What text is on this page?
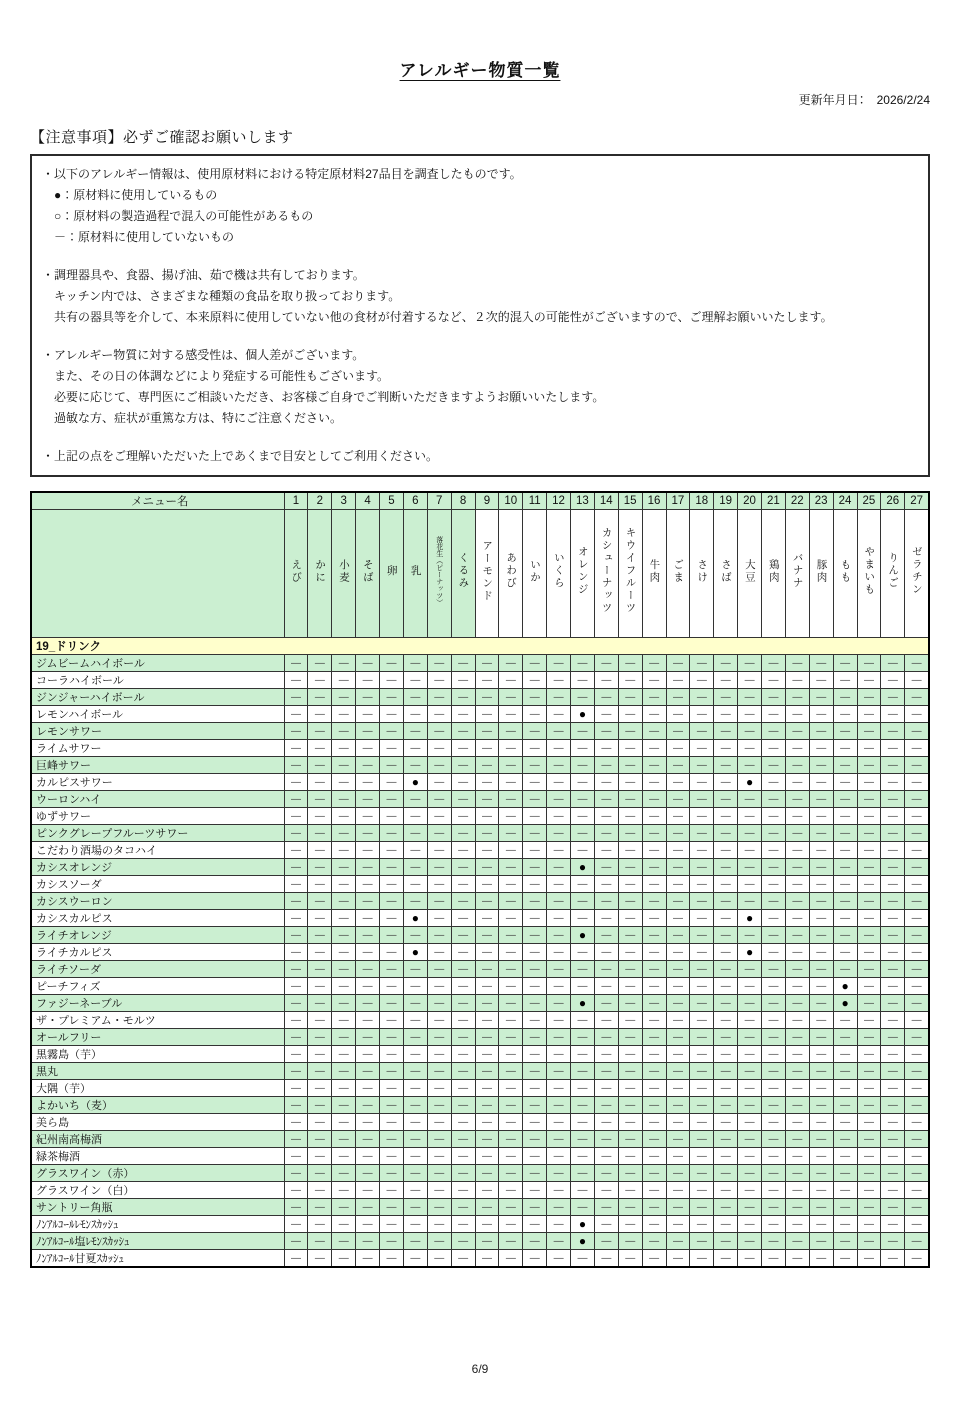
アレルギー物質一覧
更新年月日：　2026/2/24
【注意事項】必ずご確認お願いします
・以下のアレルギー情報は、使用原材料における特定原材料27品目を調査したものです。
　●：原材料に使用しているもの
　○：原材料の製造過程で混入の可能性があるもの
　－：原材料に使用していないもの
・調理器具や、食器、揚げ油、茹で機は共有しております。
　キッチン内では、さまざまな種類の食品を取り扱っております。
　共有の器具等を介して、本来原料に使用していない他の食材が付着するなど、２次的混入の可能性がございますので、ご理解お願いいたします。
・アレルギー物質に対する感受性は、個人差がございます。
　また、その日の体調などにより発症する可能性もございます。
　必要に応じて、専門医にご相談いただき、お客様ご自身でご判断いただきますようお願いいたします。
　過敏な方、症状が重篤な方は、特にご注意ください。
・上記の点をご理解いただいた上であくまで目安としてご利用ください。
メニュー名	1	2	3	4	5	6	7	8	9	10	11	12	13	14	15	16	17	18	19	20	21	22	23	24	25	26	27
	えび	かに	小麦	そば	卵	乳	落花生（ピーナッツ）	くるみ	アーモンド	あわび	いか	いくら	オレンジ	カシューナッツ	キウイフルーツ	牛肉	ごま	さけ	さば	大豆	鶏肉	バナナ	豚肉	もも	やまいも	りんご	ゼラチン
19_ドリンク																											
ジムビームハイボール	—	—	—	—	—	—	—	—	—	—	—	—	—	—	—	—	—	—	—	—	—	—	—	—	—	—	—
コーラハイボール	—	—	—	—	—	—	—	—	—	—	—	—	—	—	—	—	—	—	—	—	—	—	—	—	—	—	—
ジンジャーハイボール	—	—	—	—	—	—	—	—	—	—	—	—	—	—	—	—	—	—	—	—	—	—	—	—	—	—	—
レモンハイボール	—	—	—	—	—	—	—	—	—	—	—	—	●	—	—	—	—	—	—	—	—	—	—	—	—	—	—
レモンサワー	—	—	—	—	—	—	—	—	—	—	—	—	—	—	—	—	—	—	—	—	—	—	—	—	—	—	—
ライムサワー	—	—	—	—	—	—	—	—	—	—	—	—	—	—	—	—	—	—	—	—	—	—	—	—	—	—	—
巨峰サワー	—	—	—	—	—	—	—	—	—	—	—	—	—	—	—	—	—	—	—	—	—	—	—	—	—	—	—
カルピスサワー	—	—	—	—	—	●	—	—	—	—	—	—	—	—	—	—	—	—	—	●	—	—	—	—	—	—	—
ウーロンハイ	—	—	—	—	—	—	—	—	—	—	—	—	—	—	—	—	—	—	—	—	—	—	—	—	—	—	—
ゆずサワー	—	—	—	—	—	—	—	—	—	—	—	—	—	—	—	—	—	—	—	—	—	—	—	—	—	—	—
ピンクグレープフルーツサワー	—	—	—	—	—	—	—	—	—	—	—	—	—	—	—	—	—	—	—	—	—	—	—	—	—	—	—
こだわり酒場のタコハイ	—	—	—	—	—	—	—	—	—	—	—	—	—	—	—	—	—	—	—	—	—	—	—	—	—	—	—
カシスオレンジ	—	—	—	—	—	—	—	—	—	—	—	—	●	—	—	—	—	—	—	—	—	—	—	—	—	—	—
カシスソーダ	—	—	—	—	—	—	—	—	—	—	—	—	—	—	—	—	—	—	—	—	—	—	—	—	—	—	—
カシスウーロン	—	—	—	—	—	—	—	—	—	—	—	—	—	—	—	—	—	—	—	—	—	—	—	—	—	—	—
カシスカルピス	—	—	—	—	—	●	—	—	—	—	—	—	—	—	—	—	—	—	—	●	—	—	—	—	—	—	—
ライチオレンジ	—	—	—	—	—	—	—	—	—	—	—	—	●	—	—	—	—	—	—	—	—	—	—	—	—	—	—
ライチカルピス	—	—	—	—	—	●	—	—	—	—	—	—	—	—	—	—	—	—	—	●	—	—	—	—	—	—	—
ライチソーダ	—	—	—	—	—	—	—	—	—	—	—	—	—	—	—	—	—	—	—	—	—	—	—	—	—	—	—
ピーチフィズ	—	—	—	—	—	—	—	—	—	—	—	—	—	—	—	—	—	—	—	—	—	—	—	●	—	—	—
ファジーネーブル	—	—	—	—	—	—	—	—	—	—	—	—	●	—	—	—	—	—	—	—	—	—	—	●	—	—	—
ザ・プレミアム・モルツ	—	—	—	—	—	—	—	—	—	—	—	—	—	—	—	—	—	—	—	—	—	—	—	—	—	—	—
オールフリー	—	—	—	—	—	—	—	—	—	—	—	—	—	—	—	—	—	—	—	—	—	—	—	—	—	—	—
黒霧島（芋）	—	—	—	—	—	—	—	—	—	—	—	—	—	—	—	—	—	—	—	—	—	—	—	—	—	—	—
黒丸	—	—	—	—	—	—	—	—	—	—	—	—	—	—	—	—	—	—	—	—	—	—	—	—	—	—	—
大隅（芋）	—	—	—	—	—	—	—	—	—	—	—	—	—	—	—	—	—	—	—	—	—	—	—	—	—	—	—
よかいち（麦）	—	—	—	—	—	—	—	—	—	—	—	—	—	—	—	—	—	—	—	—	—	—	—	—	—	—	—
美ら島	—	—	—	—	—	—	—	—	—	—	—	—	—	—	—	—	—	—	—	—	—	—	—	—	—	—	—
紀州南高梅酒	—	—	—	—	—	—	—	—	—	—	—	—	—	—	—	—	—	—	—	—	—	—	—	—	—	—	—
緑茶梅酒	—	—	—	—	—	—	—	—	—	—	—	—	—	—	—	—	—	—	—	—	—	—	—	—	—	—	—
グラスワイン（赤）	—	—	—	—	—	—	—	—	—	—	—	—	—	—	—	—	—	—	—	—	—	—	—	—	—	—	—
グラスワイン（白）	—	—	—	—	—	—	—	—	—	—	—	—	—	—	—	—	—	—	—	—	—	—	—	—	—	—	—
サントリー角瓶	—	—	—	—	—	—	—	—	—	—	—	—	—	—	—	—	—	—	—	—	—	—	—	—	—	—	—
ﾉﾝｱﾙｺｰﾙﾚﾓﾝｽｶｯｼｭ	—	—	—	—	—	—	—	—	—	—	—	—	●	—	—	—	—	—	—	—	—	—	—	—	—	—	—
ﾉﾝｱﾙｺｰﾙ塩ﾚﾓﾝｽｶｯｼｭ	—	—	—	—	—	—	—	—	—	—	—	—	●	—	—	—	—	—	—	—	—	—	—	—	—	—	—
ﾉﾝｱﾙｺｰﾙ甘夏ｽｶｯｼｭ	—	—	—	—	—	—	—	—	—	—	—	—	—	—	—	—	—	—	—	—	—	—	—	—	—	—	—
6/9
